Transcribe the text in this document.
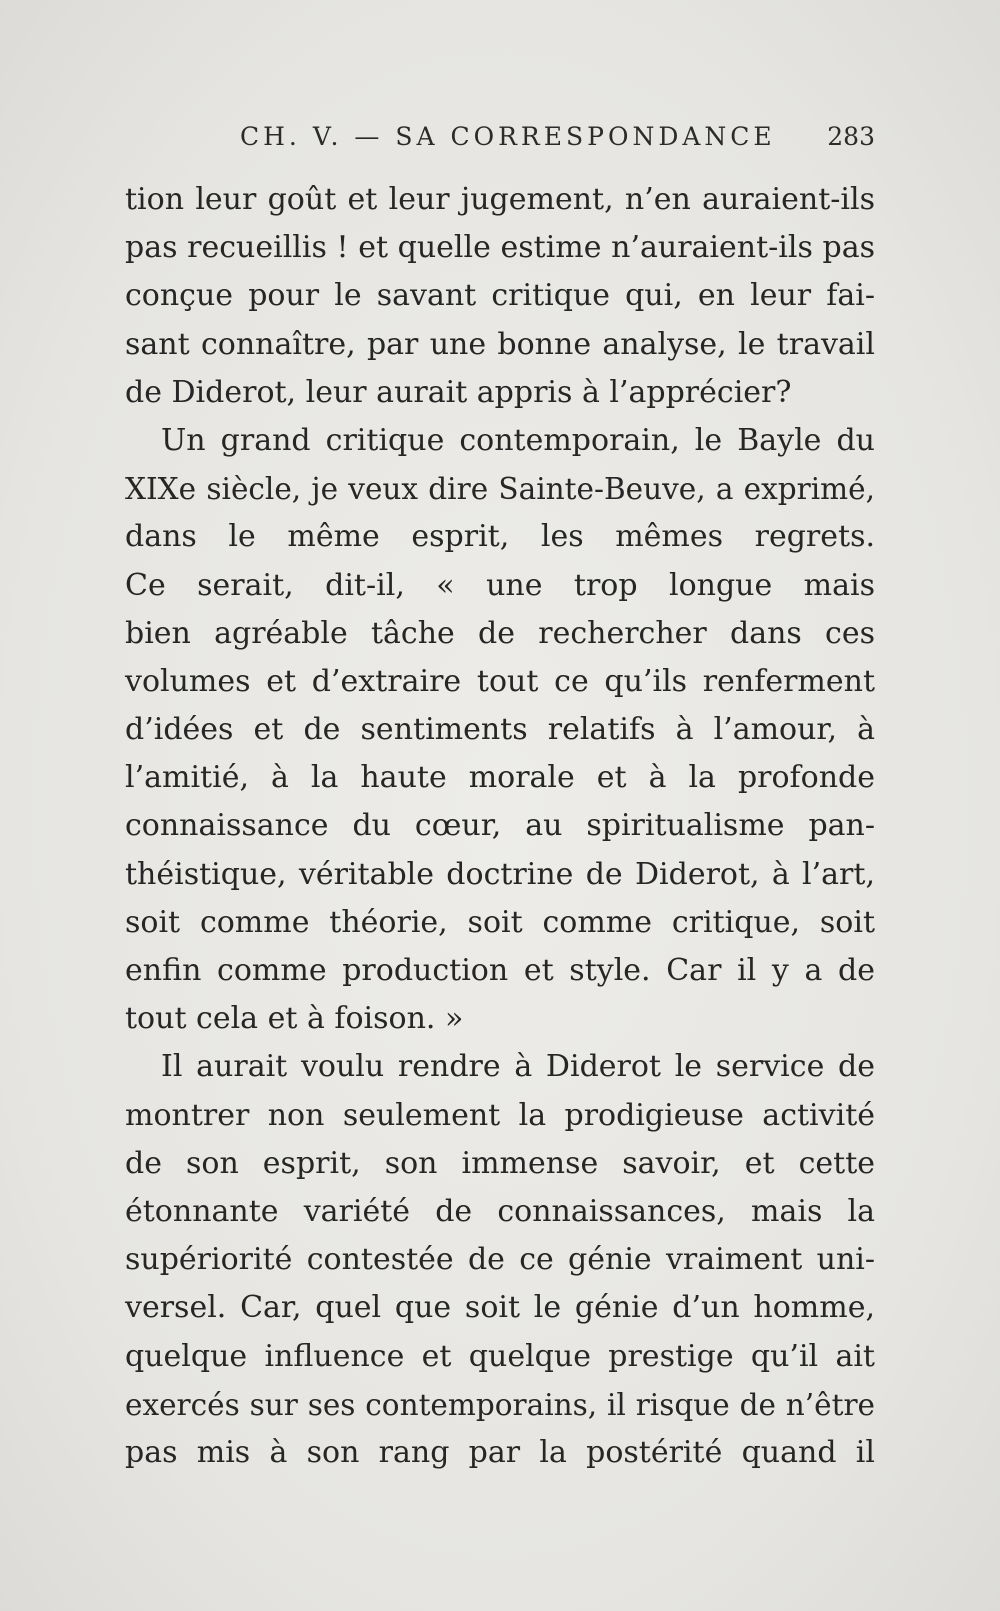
CH. V. — SA CORRESPONDANCE 283
tion leur goût et leur jugement, n’en auraient-ils
pas recueillis ! et quelle estime n’auraient-ils pas
conçue pour le savant critique qui, en leur fai-
sant connaître, par une bonne analyse, le travail
de Diderot, leur aurait appris à l’apprécier?
Un grand critique contemporain, le Bayle du
XIXe siècle, je veux dire Sainte-Beuve, a exprimé,
dans le même esprit, les mêmes regrets.
Ce serait, dit-il, « une trop longue mais
bien agréable tâche de rechercher dans ces
volumes et d’extraire tout ce qu’ils renferment
d’idées et de sentiments relatifs à l’amour, à
l’amitié, à la haute morale et à la profonde
connaissance du cœur, au spiritualisme pan-
théistique, véritable doctrine de Diderot, à l’art,
soit comme théorie, soit comme critique, soit
enfin comme production et style. Car il y a de
tout cela et à foison. »
Il aurait voulu rendre à Diderot le service de
montrer non seulement la prodigieuse activité
de son esprit, son immense savoir, et cette
étonnante variété de connaissances, mais la
supériorité contestée de ce génie vraiment uni-
versel. Car, quel que soit le génie d’un homme,
quelque influence et quelque prestige qu’il ait
exercés sur ses contemporains, il risque de n’être
pas mis à son rang par la postérité quand il
